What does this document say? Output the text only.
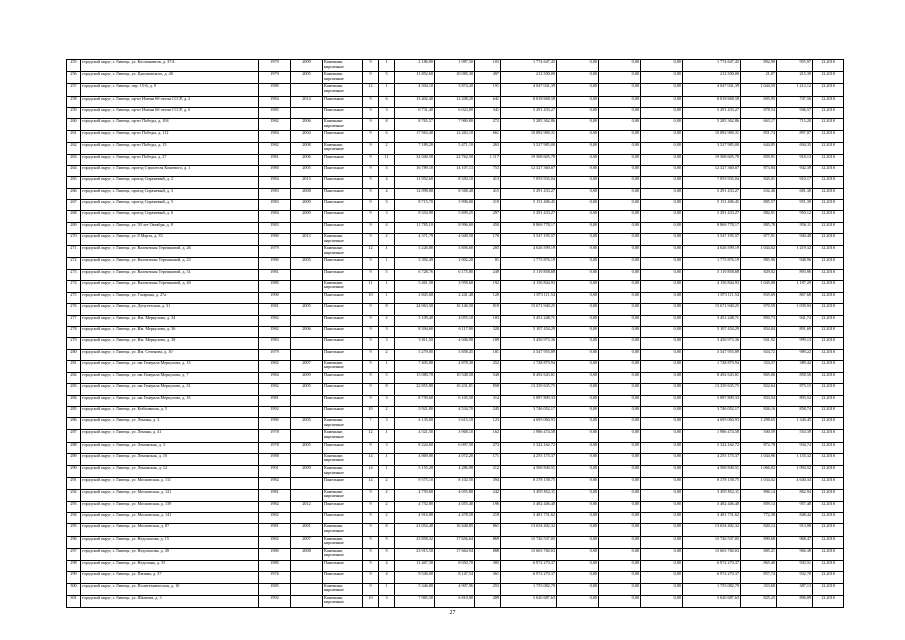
255	городской округ, г. Липецк, ул. Космонавтов, д. 37/4	1979	2009	Каменные, кирпичные	9	1	2 186,90	1 987,50	103	1 774 647,43	0,00	0,00	0,00	1 774 647,43	892,90	955,97	12.2018
256	городской округ, г. Липецк, ул. Циолковского, д. 40	1979	2005	Каменные, кирпичные	9	5	11 852,60	10 085,30	497	212 500,00	0,00	0,00	0,00	212 500,00	21,07	215,39	12.2018
257	городской округ, г. Липецк, пер. 15-й, д. 9	1980		Каменные, кирпичные	12	1	4 504,10	3 874,20	191	4 047 041,39	0,00	0,00	0,00	4 047 041,39	1 044,59	1 213,12	12.2018
258	городской округ, г. Липецк, пр-кт Имени 60-летия СССР, д. 2	1984	2014	Панельные	9	6	13 402,40	12 208,20	641	8 818 668,58	0,00	0,00	0,00	8 818 668,58	695,95	747,56	12.2018
259	городской округ, г. Липецк, пр-кт Имени 60-летия СССР, д. 6	1985		Панельные	9	3	6 731,40	6 023,00	341	5 291 433,27	0,00	0,00	0,00	5 291 433,27	878,54	946,57	12.2018
260	городской округ, г. Липецк, пр-кт Победы, д. 104	1982	2006	Каменные, кирпичные	9	8	8 765,57	7 969,80	272	5 285 362,86	0,00	0,00	0,00	5 285 362,86	663,17	715,20	12.2018
261	городской округ, г. Липецк, пр-кт Победы, д. 112	1984	2004	Панельные	9	6	17 563,40	12 263,10	661	10 882 969,31	0,00	0,00	0,00	10 882 969,31	851,74	897,07	12.2018
262	городской округ, г. Липецк, пр-кт Победы, д. 15	1982	2008	Каменные, кирпичные	9	2	7 189,20	5 471,10	263	3 527 985,00	0,00	0,00	0,00	3 527 985,00	644,85	694,35	12.2018
263	городской округ, г. Липецк, пр-кт Победы, д. 27	1981	2006	Панельные	9	11	32 040,50	22 762,50	1 117	19 568 605,79	0,00	0,00	0,00	19 568 605,79	859,91	918,13	12.2018
264	городской округ, г. Липецк, проезд Строителя Кошевого, д. 1	1980	2005	Панельные	9	3	16 789,10	14 107,13	753	12 327 360,07	0,00	0,00	0,00	12 327 360,07	873,84	942,39	12.2018
265	городской округ, г. Липецк, проезд Сиреневый, д. 2	1984	2015	Панельные	9	4	11 952,60	8 350,10	413	7 055 935,04	0,00	0,00	0,00	7 055 935,04	845,01	910,17	12.2018
266	городской округ, г. Липецк, проезд Сиреневый, д. 3	1983	2008	Панельные	9	4	12 098,80	8 568,40	415	5 291 433,27	0,00	0,00	0,00	5 291 433,27	632,46	681,30	12.2018
267	городской округ, г. Липецк, проезд Сиреневый, д. 5	1983	2009	Панельные	9	3	8 715,70	5 996,00	319	5 151 406,45	0,00	0,00	0,00	5 151 406,45	885,57	951,39	12.2018
268	городской округ, г. Липецк, проезд Сиреневый, д. 6	1984	2009	Панельные	9	3	8 354,90	5 699,25	297	5 291 433,27	0,00	0,00	0,00	5 291 433,27	882,91	950,12	12.2018
269	городской округ, г. Липецк, ул. 50 лет Октября, д. 8	1983		Панельные	9	4	11 785,10	8 996,60	450	8 869 778,17	0,00	0,00	0,00	8 869 778,17	885,78	956,11	12.2018
270	городской округ, г. Липецк, ул. 8 Марта, д. 33	1980	2013	Каменные, кирпичные	9	2	4 371,79	4 040,50	178	3 547 195,57	0,00	0,00	0,00	3 547 195,57	877,91	940,40	12.2018
271	городской округ, г. Липецк, ул. Валентины Терешковой, д. 26	1979		Каменные, кирпичные	12	1	5 226,80	3 856,60	205	4 626 599,19	0,00	0,00	0,00	4 626 599,19	1 044,62	1 219,32	12.2018
272	городской округ, г. Липецк, ул. Валентины Терешковой, д. 23	1980	2005	Панельные	9	1	3 392,49	2 002,20	81	1 775 876,19	0,00	0,00	0,00	1 775 876,19	885,96	948,96	12.2018
273	городской округ, г. Липецк, ул. Валентины Терешковой, д. 31	1981		Панельные	9	5	6 728,76	6 175,80	249	5 119 858,88	0,00	0,00	0,00	5 119 858,88	829,02	893,96	12.2018
274	городской округ, г. Липецк, ул. Валентины Терешковой, д. 40	1980		Каменные, кирпичные	11	1	5 461,50	3 958,60	192	4 156 844,93	0,00	0,00	0,00	4 156 844,93	1 045,08	1 187,29	12.2018
275	городской округ, г. Липецк, ул. Гагарина, д. 27а	1990		Панельные	10	1	2 845,60	2 241,40	120	1 873 111,54	0,00	0,00	0,00	1 873 111,54	835,69	867,68	12.2018
276	городской округ, г. Липецк, ул. Депутатская, д. 31	1981	2005	Панельные	9	8	24 063,50	16 146,50	819	15 671 940,25	0,00	0,00	0,00	15 671 940,25	970,59	1 039,94	12.2018
277	городской округ, г. Липецк, ул. Им. Меркулова, д. 34	1982		Панельные	9	2	5 109,40	4 055,10	183	3 451 248,71	0,00	0,00	0,00	3 451 248,71	850,73	941,74	12.2018
278	городской округ, г. Липецк, ул. Им. Меркулова, д. 36	1982	2006	Панельные	9	3	8 394,60	6 117,90	320	5 107 454,29	0,00	0,00	0,00	5 107 454,29	834,84	891,69	12.2018
279	городской округ, г. Липецк, ул. Им. Меркулова, д. 38	1983		Панельные	9	3	5 811,50	4 046,90	189	3 456 973,36	0,00	0,00	0,00	3 456 973,36	941,92	999,13	12.2018
280	городской округ, г. Липецк, ул. Им. Сеченова, д. 10	1979		Панельные	9	2	5 279,00	3 858,45	181	3 547 955,89	0,00	0,00	0,00	3 547 955,89	924,72	989,22	12.2018
281	городской округ, г. Липецк, ул. им Генерала Меркулова, д. 13	1982	2007	Каменные, кирпичные	9	1	7 405,80	4 878,30	252	1 728 879,94	0,00	0,00	0,00	1 728 879,94	354,37	389,44	12.2018
282	городской округ, г. Липецк, ул. им Генерала Меркулова, д. 7	1984	2009	Панельные	9	5	15 080,70	10 548,50	540	8 492 643,81	0,00	0,00	0,00	8 492 643,81	805,06	858,56	12.2018
283	городской округ, г. Липецк, ул. им Генерала Меркулова, д. 31	1982	2005	Панельные	9	8	22 855,80	16 231,81	858	13 339 635,75	0,00	0,00	0,00	13 339 635,75	822,64	875,15	12.2018
284	городской округ, г. Липецк, ул. им Генерала Меркулова, д. 33	1981		Панельные	9	3	8 759,60	6 105,50	314	5 087 809,33	0,00	0,00	0,00	5 087 809,33	833,54	893,52	12.2018
285	городской округ, г. Липецк, ул. Кибальчича, д. 5	1992		Панельные	10	2	5 921,80	4 534,70	245	3 746 052,17	0,00	0,00	0,00	3 746 052,17	826,16	858,74	12.2018
286	городской округ, г. Липецк, ул. Ленина, д. 3	1980	2005	Каменные, кирпичные	7	3	4 135,60	3 615,10	123	4 695 060,93	0,00	0,00	0,00	4 695 060,93	1 298,65	1 340,45	12.2018
287	городской округ, г. Липецк, ул. Ленина, д. 41	1978		Каменные, кирпичные	12	1	4 521,50	3 968,10	162	1 986 474,58	0,00	0,00	0,00	1 986 474,58	500,59	554,39	12.2018
288	городской округ, г. Липецк, ул. Ленинская, д. 3	1978	2005	Панельные	9	3	8 224,60	6 097,50	273	5 322 162,72	0,00	0,00	0,00	5 322 162,72	872,78	934,74	12.2018
289	городской округ, г. Липецк, ул. Ленинская, д. 10	1988		Каменные, кирпичные	14	1	4 869,00	4 072,20	171	4 255 175,37	0,00	0,00	0,00	4 255 175,37	1 044,96	1 155,32	12.2018
290	городской округ, г. Липецк, ул. Ленинская, д. 12	1991	2009	Каменные, кирпичные	14	1	5 155,20	4 286,90	212	4 569 840,51	0,00	0,00	0,00	4 569 840,51	1 066,02	1 094,52	12.2018
291	городской округ, г. Липецк, ул. Московская, д. 111	1982		Панельные	14	2	9 575,10	8 102,50	394	8 378 158,75	0,00	0,00	0,00	8 378 158,75	1 034,02	4 640,34	12.2018
292	городской округ, г. Липецк, ул. Московская, д. 121	1981		Каменные, кирпичные	9	2	4 759,60	4 055,80	242	3 495 852,11	0,00	0,00	0,00	3 495 852,11	806,14	862,94	12.2018
293	городской округ, г. Липецк, ул. Московская, д. 139	1982	2012	Панельные	9	2	4 752,80	4 055,40	196	3 482 446,40	0,00	0,00	0,00	3 482 446,40	859,14	957,48	12.2018
294	городской округ, г. Липецк, ул. Московская, д. 141	1982		Панельные	9	2	4 916,80	4 478,50	218	3 481 751,62	0,00	0,00	0,00	3 481 751,62	772,38	848,44	12.2018
295	городской округ, г. Липецк, ул. Московская, д. 87	1981	2001	Каменные, кирпичные	9	8	21 054,40	16 648,85	861	13 654 402,32	0,00	0,00	0,00	13 654 402,32	820,14	913,98	12.2018
296	городской округ, г. Липецк, ул. Недопасова, д. 15	1982	2007	Каменные, кирпичные	9	9	23 858,32	17 656,64	869	15 726 537,05	0,00	0,00	0,00	15 726 537,05	890,68	968,47	12.2018
297	городской округ, г. Липецк, ул. Недопасова, д. 49	1980	2008	Каменные, кирпичные	9	9	23 915,50	17 664,94	888	15 663 760,03	0,00	0,00	0,00	15 663 760,03	885,21	966,38	12.2018
298	городской округ, г. Липецк, ул. Неделина, д. 55	1980		Панельные	9	4	11 467,30	8 050,70	385	6 972 270,37	0,00	0,00	0,00	6 972 270,37	865,40	943,51	12.2018
299	городской округ, г. Липецк, ул. Папина, д. 37	1976		Панельные	9	4	9 546,00	8 147,54	361	6 972 270,37	0,00	0,00	0,00	6 972 270,37	857,74	932,70	12.2018
300	городской округ, г. Липецк, ул. Политехническая, д. 10	1985		Каменные, кирпичные	9	1	5 346,80	4 907,96	253	1 755 082,79	0,00	0,00	0,00	1 755 082,79	353,60	387,13	12.2018
301	городской округ, г. Липецк, ул. Шкатова, д. 3	1992		Каменные, кирпичные	10	3	7 985,50	6 810,90	289	5 620 687,63	0,00	0,00	0,00	5 620 687,63	825,25	896,89	12.2018
27
